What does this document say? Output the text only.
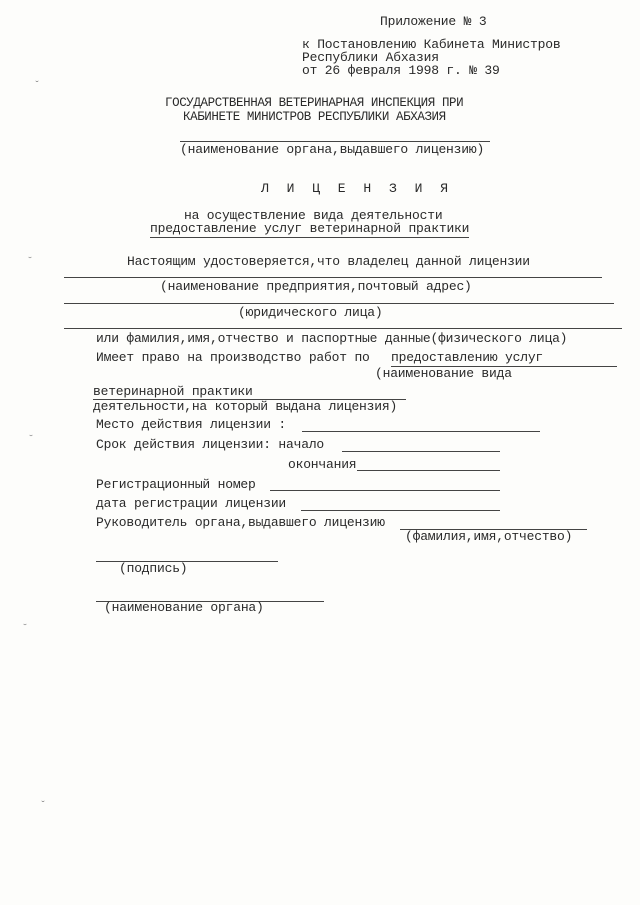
Приложение № 3
к Постановлению Кабинета Министров
Республики Абхазия
от 26 февраля 1998 г. № 39
ГОСУДАРСТВЕННАЯ ВЕТЕРИНАРНАЯ ИНСПЕКЦИЯ ПРИ
КАБИНЕТЕ МИНИСТРОВ РЕСПУБЛИКИ АБХАЗИЯ
(наименование органа,выдавшего лицензию)
Л И Ц Е Н З И Я
на осуществление вида деятельности
предоставление услуг ветеринарной практики
Настоящим удостоверяется,что владелец данной лицензии
(наименование предприятия,почтовый адрес)
(юридического лица)
или фамилия,имя,отчество и паспортные данные(физического лица)
Имеет право на производство работ по предоставлению услуг
(наименование вида
ветеринарной практики
деятельности,на который выдана лицензия)
Место действия лицензии :
Срок действия лицензии: начало
окончания
Регистрационный номер
дата регистрации лицензии
Руководитель органа,выдавшего лицензию
(фамилия,имя,отчество)
(подпись)
(наименование органа)
ˇ
˘
˘
˘
ˇ
